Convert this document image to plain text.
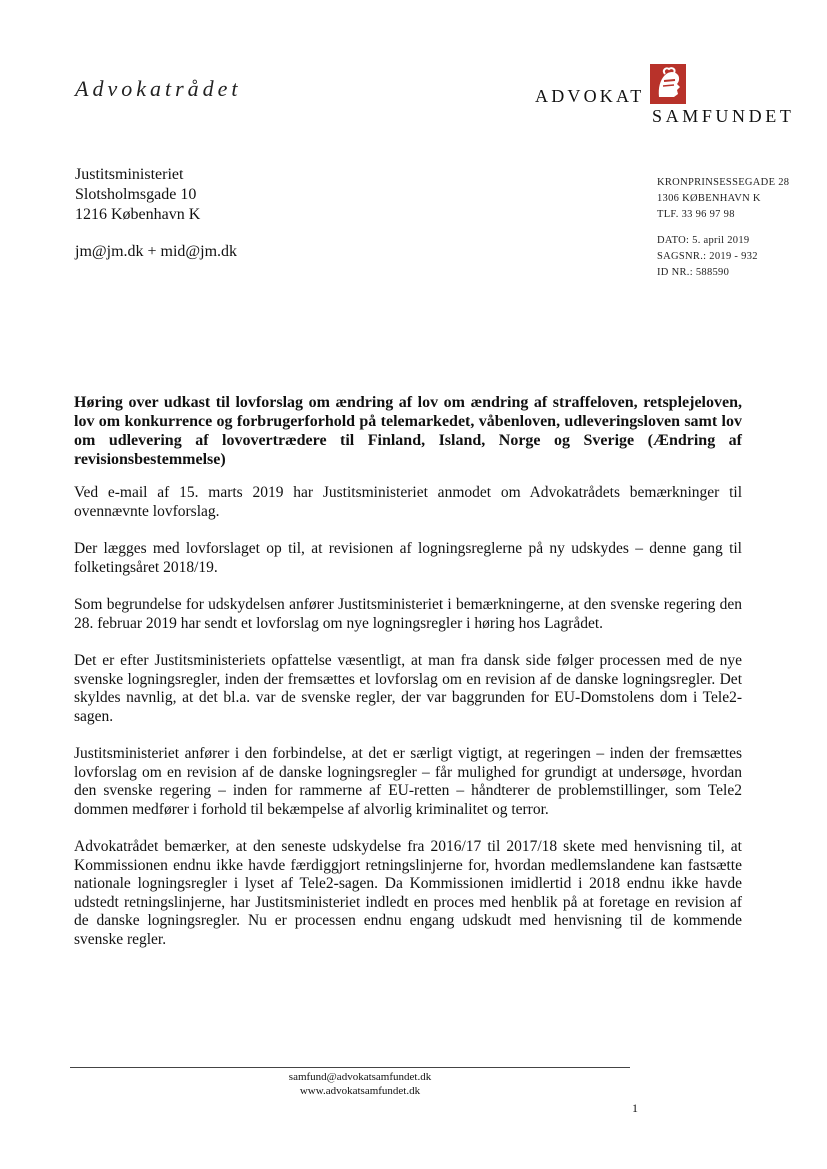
Advokatrådet	ADVOKAT
SAMFUNDET
Justitsministeriet
Slotsholmsgade 10
1216 København K
jm@jm.dk + mid@jm.dk
KRONPRINSESSEGADE 28
1306 KØBENHAVN K
TLF. 33 96 97 98
DATO: 5. april 2019
SAGSNR.: 2019 - 932
ID NR.: 588590
Høring over udkast til lovforslag om ændring af lov om ændring af straffeloven, retsplejeloven, lov om konkurrence og forbrugerforhold på telemarkedet, våbenloven, udleveringsloven samt lov om udlevering af lovovertrædere til Finland, Island, Norge og Sverige (Ændring af revisionsbestemmelse)

Ved e-mail af 15. marts 2019 har Justitsministeriet anmodet om Advokatrådets bemærkninger til ovennævnte lovforslag.

Der lægges med lovforslaget op til, at revisionen af logningsreglerne på ny udskydes – denne gang til folketingsåret 2018/19.

Som begrundelse for udskydelsen anfører Justitsministeriet i bemærkningerne, at den svenske regering den 28. februar 2019 har sendt et lovforslag om nye logningsregler i høring hos Lagrådet.

Det er efter Justitsministeriets opfattelse væsentligt, at man fra dansk side følger processen med de nye svenske logningsregler, inden der fremsættes et lovforslag om en revision af de danske logningsregler. Det skyldes navnlig, at det bl.a. var de svenske regler, der var baggrunden for EU-Domstolens dom i Tele2-sagen.

Justitsministeriet anfører i den forbindelse, at det er særligt vigtigt, at regeringen – inden der fremsættes lovforslag om en revision af de danske logningsregler – får mulighed for grundigt at undersøge, hvordan den svenske regering – inden for rammerne af EU-retten – håndterer de problemstillinger, som Tele2 dommen medfører i forhold til bekæmpelse af alvorlig kriminalitet og terror.

Advokatrådet bemærker, at den seneste udskydelse fra 2016/17 til 2017/18 skete med henvisning til, at Kommissionen endnu ikke havde færdiggjort retningslinjerne for, hvordan medlemslandene kan fastsætte nationale logningsregler i lyset af Tele2-sagen. Da Kommissionen imidlertid i 2018 endnu ikke havde udstedt retningslinjerne, har Justitsministeriet indledt en proces med henblik på at foretage en revision af de danske logningsregler. Nu er processen endnu engang udskudt med henvisning til de kommende svenske regler.

samfund@advokatsamfundet.dk
www.advokatsamfundet.dk
1
